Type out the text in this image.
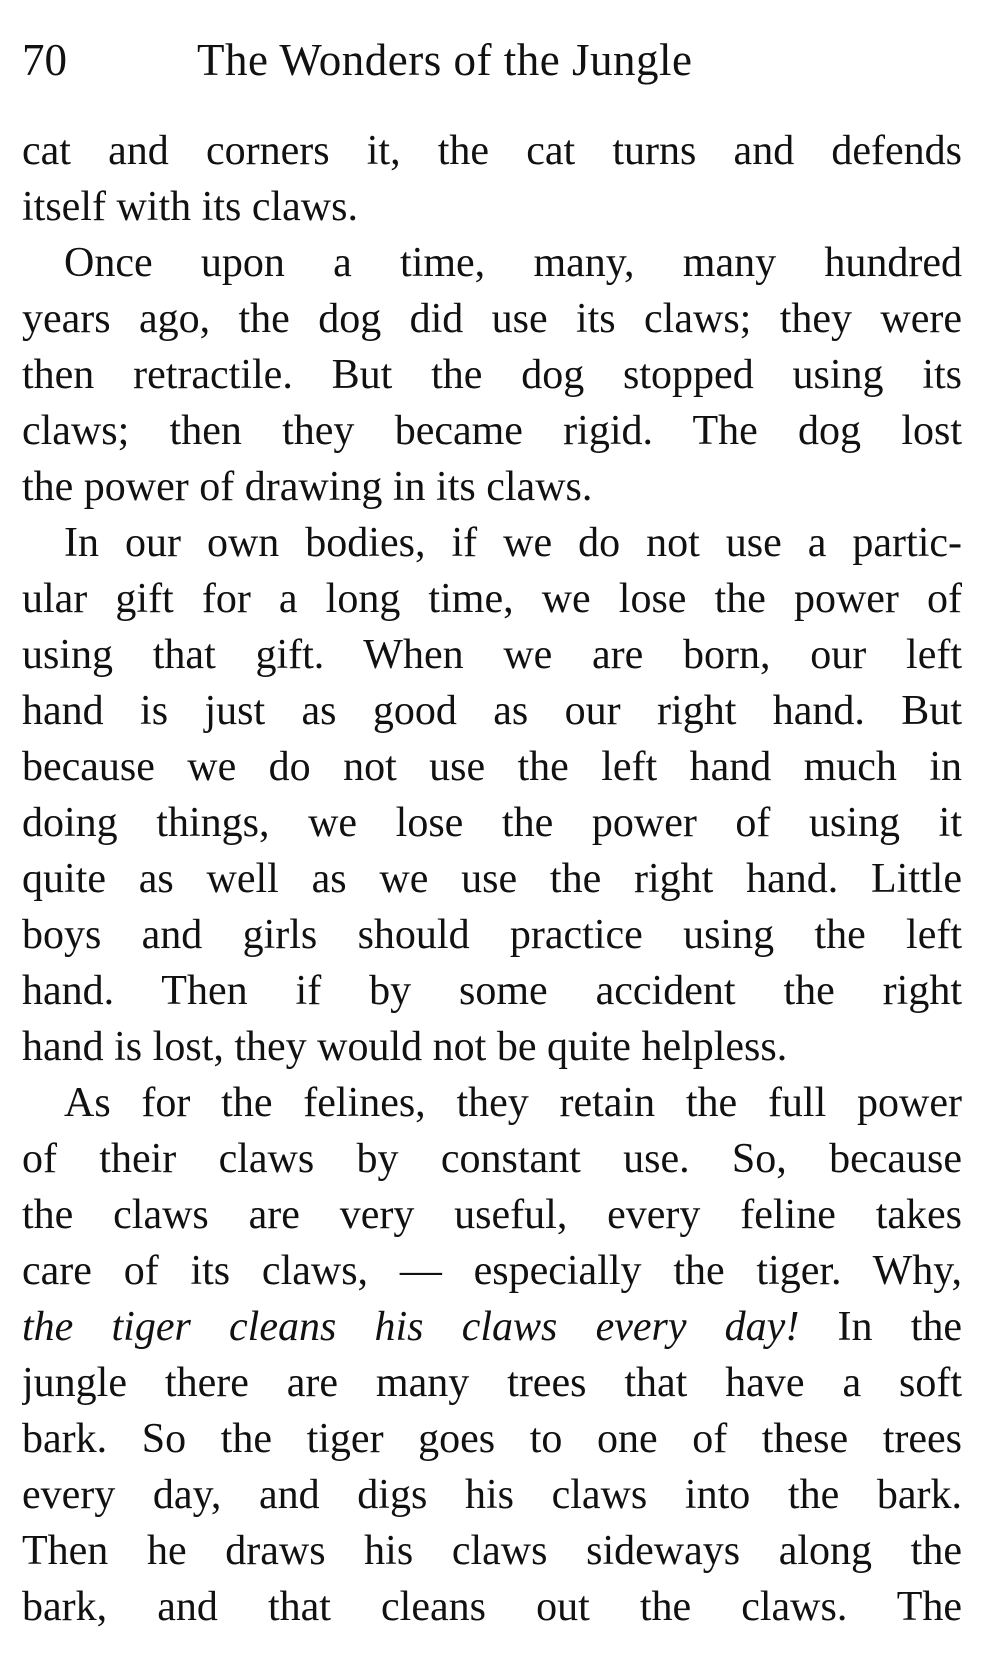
70	The Wonders of the Jungle
cat and corners it, the cat turns and defends
itself with its claws.
Once upon a time, many, many hundred
years ago, the dog did use its claws; they were
then retractile. But the dog stopped using its
claws; then they became rigid. The dog lost
the power of drawing in its claws.
In our own bodies, if we do not use a partic-
ular gift for a long time, we lose the power of
using that gift. When we are born, our left
hand is just as good as our right hand. But
because we do not use the left hand much in
doing things, we lose the power of using it
quite as well as we use the right hand. Little
boys and girls should practice using the left
hand. Then if by some accident the right
hand is lost, they would not be quite helpless.
As for the felines, they retain the full power
of their claws by constant use. So, because
the claws are very useful, every feline takes
care of its claws, — especially the tiger. Why,
the tiger cleans his claws every day! In the
jungle there are many trees that have a soft
bark. So the tiger goes to one of these trees
every day, and digs his claws into the bark.
Then he draws his claws sideways along the
bark, and that cleans out the claws. The
